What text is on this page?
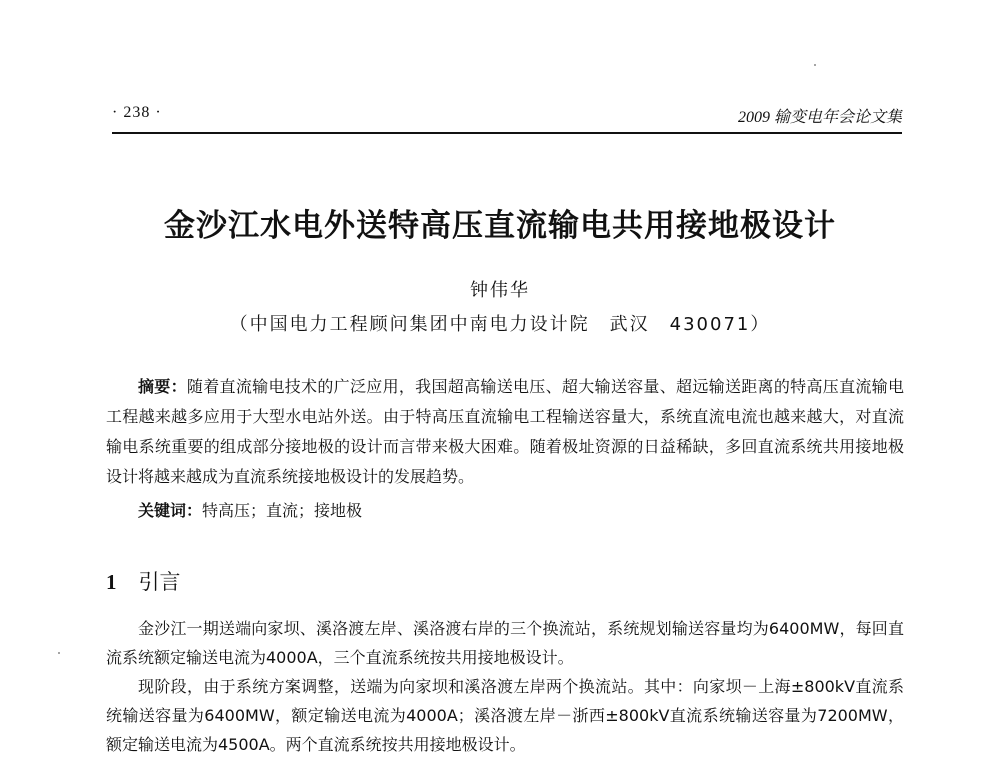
· 238 ·	2009 输变电年会论文集
金沙江水电外送特高压直流输电共用接地极设计
钟伟华
（中国电力工程顾问集团中南电力设计院　武汉　430071）

摘要：随着直流输电技术的广泛应用，我国超高输送电压、超大输送容量、超远输送距离的特高压直流输电工程越来越多应用于大型水电站外送。由于特高压直流输电工程输送容量大，系统直流电流也越来越大，对直流输电系统重要的组成部分接地极的设计而言带来极大困难。随着极址资源的日益稀缺，多回直流系统共用接地极设计将越来越成为直流系统接地极设计的发展趋势。

关键词：特高压；直流；接地极
1 引言

金沙江一期送端向家坝、溪洛渡左岸、溪洛渡右岸的三个换流站，系统规划输送容量均为6400MW，每回直流系统额定输送电流为4000A，三个直流系统按共用接地极设计。

现阶段，由于系统方案调整，送端为向家坝和溪洛渡左岸两个换流站。其中：向家坝－上海±800kV直流系统输送容量为6400MW，额定输送电流为4000A；溪洛渡左岸－浙西±800kV直流系统输送容量为7200MW，额定输送电流为4500A。两个直流系统按共用接地极设计。
